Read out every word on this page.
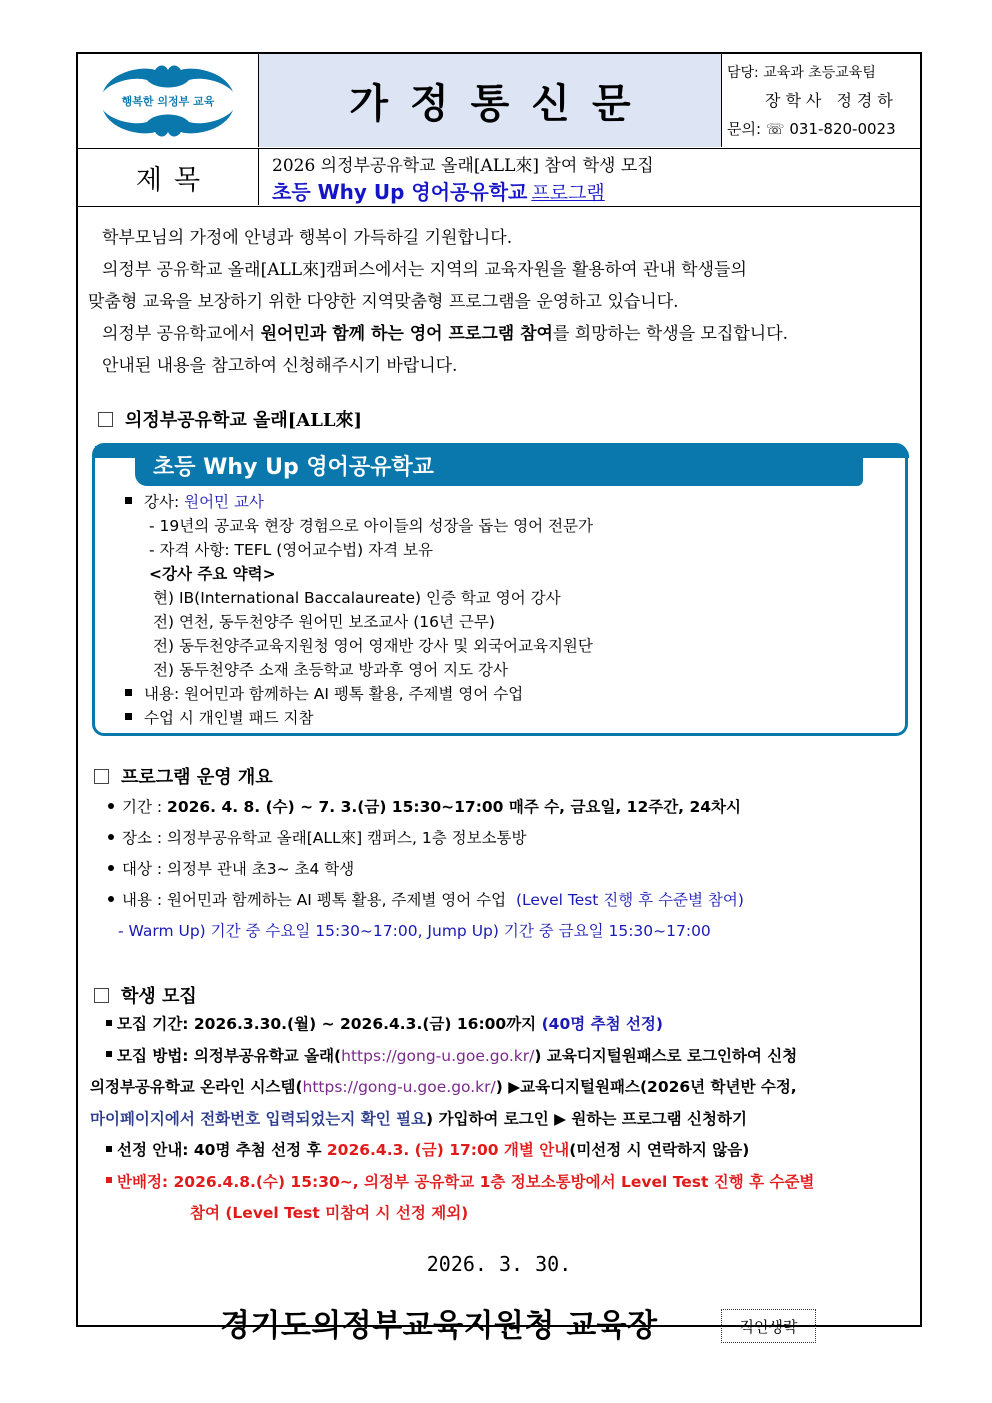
행복한 의정부 교육	가정통신문
담당: 교육과 초등교육팀
장학사 정경하
문의: ☏ 031-820-0023
제목	2026 의정부공유학교 올래[ALL來] 참여 학생 모집
초등 Why Up 영어공유학교 프로그램

학부모님의 가정에 안녕과 행복이 가득하길 기원합니다.

의정부 공유학교 올래[ALL來]캠퍼스에서는 지역의 교육자원을 활용하여 관내 학생들의

맞춤형 교육을 보장하기 위한 다양한 지역맞춤형 프로그램을 운영하고 있습니다.

의정부 공유학교에서 원어민과 함께 하는 영어 프로그램 참여를 희망하는 학생을 모집합니다.

안내된 내용을 참고하여 신청해주시기 바랍니다.

의정부공유학교 올래[ALL來]
초등 Why Up 영어공유학교
강사: 원어민 교사
- 19년의 공교육 현장 경험으로 아이들의 성장을 돕는 영어 전문가
- 자격 사항: TEFL (영어교수법) 자격 보유
<강사 주요 약력>
현) IB(International Baccalaureate) 인증 학교 영어 강사
전) 연천, 동두천양주 원어민 보조교사 (16년 근무)
전) 동두천양주교육지원청 영어 영재반 강사 및 외국어교육지원단
전) 동두천양주 소재 초등학교 방과후 영어 지도 강사
내용: 원어민과 함께하는 AI 펭톡 활용, 주제별 영어 수업
수업 시 개인별 패드 지참
프로그램 운영 개요
기간 : 2026. 4. 8. (수) ~ 7. 3.(금) 15:30~17:00 매주 수, 금요일, 12주간, 24차시
장소 : 의정부공유학교 올래[ALL來] 캠퍼스, 1층 정보소통방
대상 : 의정부 관내 초3~ 초4 학생
내용 : 원어민과 함께하는 AI 펭톡 활용, 주제별 영어 수업 (Level Test 진행 후 수준별 참여)
- Warm Up) 기간 중 수요일 15:30~17:00, Jump Up) 기간 중 금요일 15:30~17:00
학생 모집
모집 기간: 2026.3.30.(월) ~ 2026.4.3.(금) 16:00까지 (40명 추첨 선정)
모집 방법: 의정부공유학교 올래(https://gong-u.goe.go.kr/) 교육디지털원패스로 로그인하여 신청
의정부공유학교 온라인 시스템(https://gong-u.goe.go.kr/) ▶교육디지털원패스(2026년 학년반 수정,
마이페이지에서 전화번호 입력되었는지 확인 필요) 가입하여 로그인 ▶ 원하는 프로그램 신청하기
선정 안내: 40명 추첨 선정 후 2026.4.3. (금) 17:00 개별 안내(미선정 시 연락하지 않음)
반배정: 2026.4.8.(수) 15:30~, 의정부 공유학교 1층 정보소통방에서 Level Test 진행 후 수준별
참여 (Level Test 미참여 시 선정 제외)
2026. 3. 30.
경기도의정부교육지원청 교육장	직인생략
